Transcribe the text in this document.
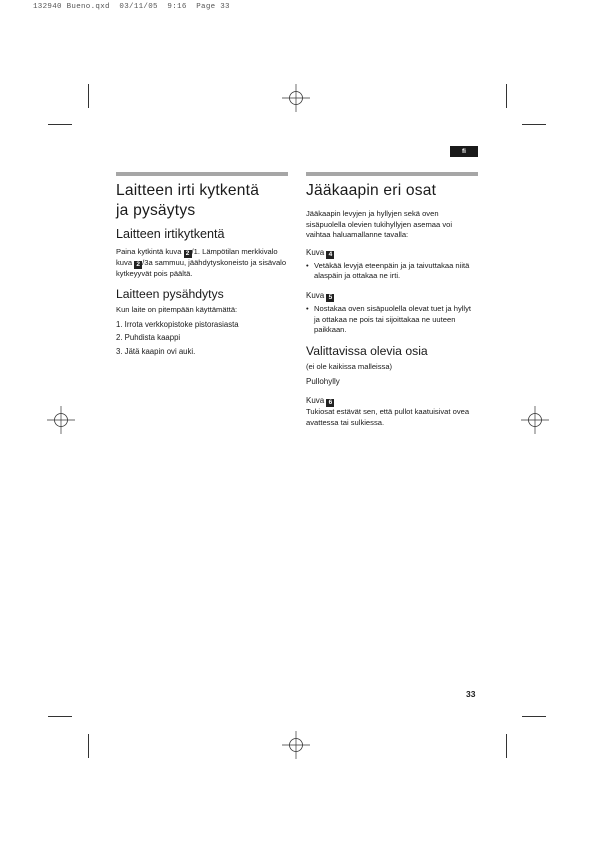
132940 Bueno.qxd  03/11/05  9:16  Page 33
fi
Laitteen irti kytkentä
ja pysäytys
Laitteen irtikytkentä

Paina kytkintä kuva 2 /1. Lämpötilan merkkivalo kuva 2 /3a sammuu, jäähdytyskoneisto ja sisävalo kytkeyyvät pois päältä.

Laitteen pysähdytys

Kun laite on pitempään käyttämättä:

1. Irrota verkkopistoke pistorasiasta
2. Puhdista kaappi
3. Jätä kaapin ovi auki.
Jääkaapin eri osat

Jääkaapin levyjen ja hyllyjen sekä oven sisäpuolella olevien tukihyllyjen asemaa voi vaihtaa haluamallanne tavalla:

Kuva 4
• Vetäkää levyjä eteenpäin ja ja taivuttakaa niitä alaspäin ja ottakaa ne irti.
Kuva 5
• Nostakaa oven sisäpuolella olevat tuet ja hyllyt ja ottakaa ne pois tai sijoittakaa ne uuteen paikkaan.
Valittavissa olevia osia

(ei ole kaikissa malleissa)

Pullohylly

Kuva 6

Tukiosat estävät sen, että pullot kaatuisivat ovea avattessa tai sulkiessa.

33
